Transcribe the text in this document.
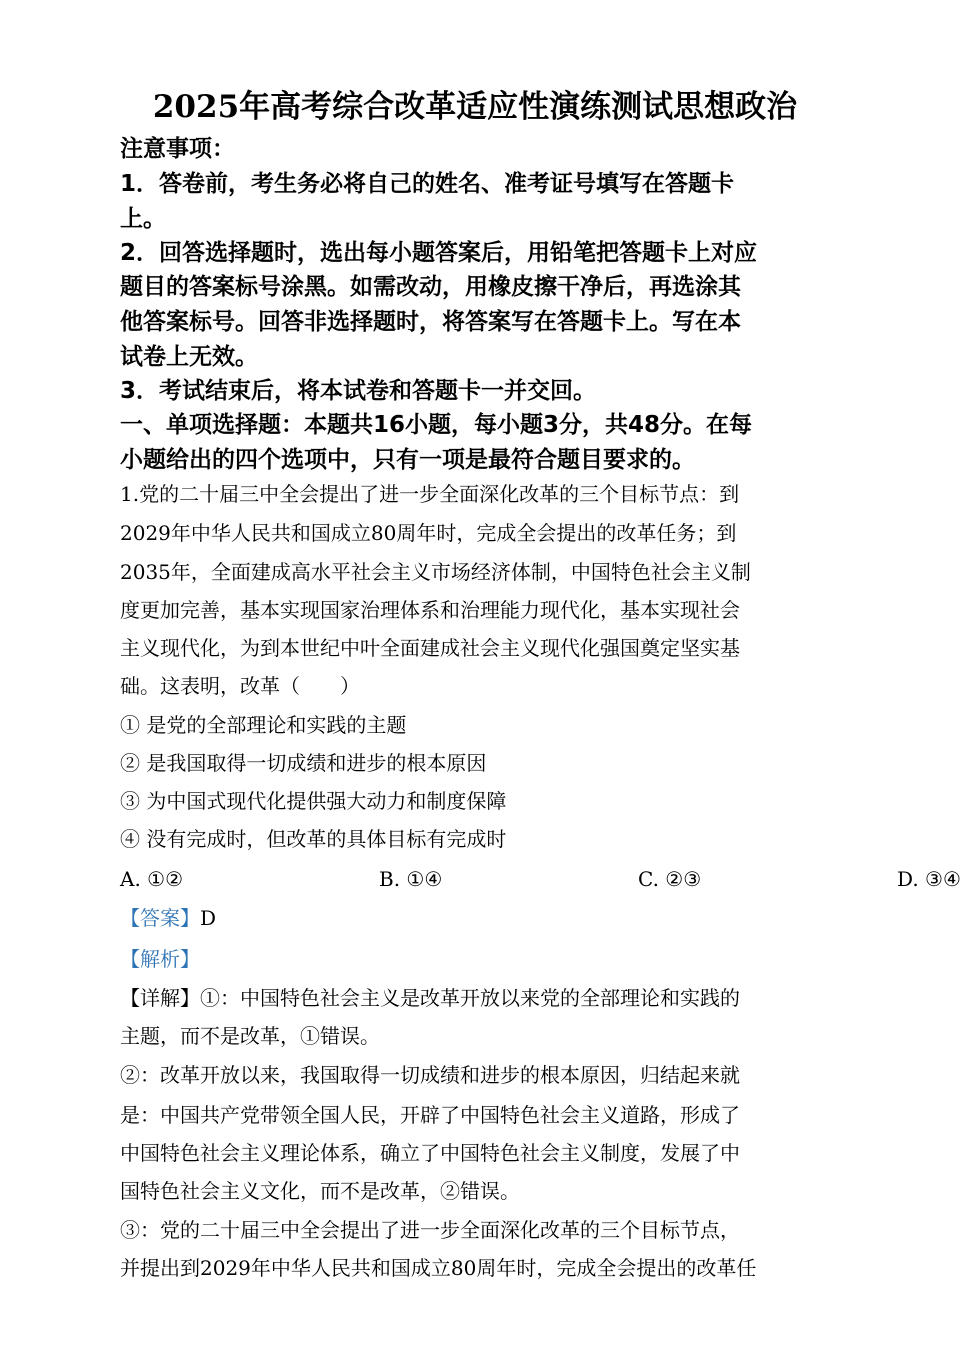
2025年高考综合改革适应性演练测试思想政治
注意事项：
1．答卷前，考生务必将自己的姓名、准考证号填写在答题卡
上。
2．回答选择题时，选出每小题答案后，用铅笔把答题卡上对应
题目的答案标号涂黑。如需改动，用橡皮擦干净后，再选涂其
他答案标号。回答非选择题时，将答案写在答题卡上。写在本
试卷上无效。
3．考试结束后，将本试卷和答题卡一并交回。
一、单项选择题：本题共16小题，每小题3分，共48分。在每
小题给出的四个选项中，只有一项是最符合题目要求的。
1.党的二十届三中全会提出了进一步全面深化改革的三个目标节点：到
2029年中华人民共和国成立80周年时，完成全会提出的改革任务；到
2035年，全面建成高水平社会主义市场经济体制，中国特色社会主义制
度更加完善，基本实现国家治理体系和治理能力现代化，基本实现社会
主义现代化，为到本世纪中叶全面建成社会主义现代化强国奠定坚实基
础。这表明，改革（　　）
① 是党的全部理论和实践的主题
② 是我国取得一切成绩和进步的根本原因
③ 为中国式现代化提供强大动力和制度保障
④ 没有完成时，但改革的具体目标有完成时
A. ①②	B. ①④	C. ②③	D. ③④
【答案】D
【解析】
【详解】①：中国特色社会主义是改革开放以来党的全部理论和实践的
主题，而不是改革，①错误。
②：改革开放以来，我国取得一切成绩和进步的根本原因，归结起来就
是：中国共产党带领全国人民，开辟了中国特色社会主义道路，形成了
中国特色社会主义理论体系，确立了中国特色社会主义制度，发展了中
国特色社会主义文化，而不是改革，②错误。
③：党的二十届三中全会提出了进一步全面深化改革的三个目标节点，
并提出到2029年中华人民共和国成立80周年时，完成全会提出的改革任
